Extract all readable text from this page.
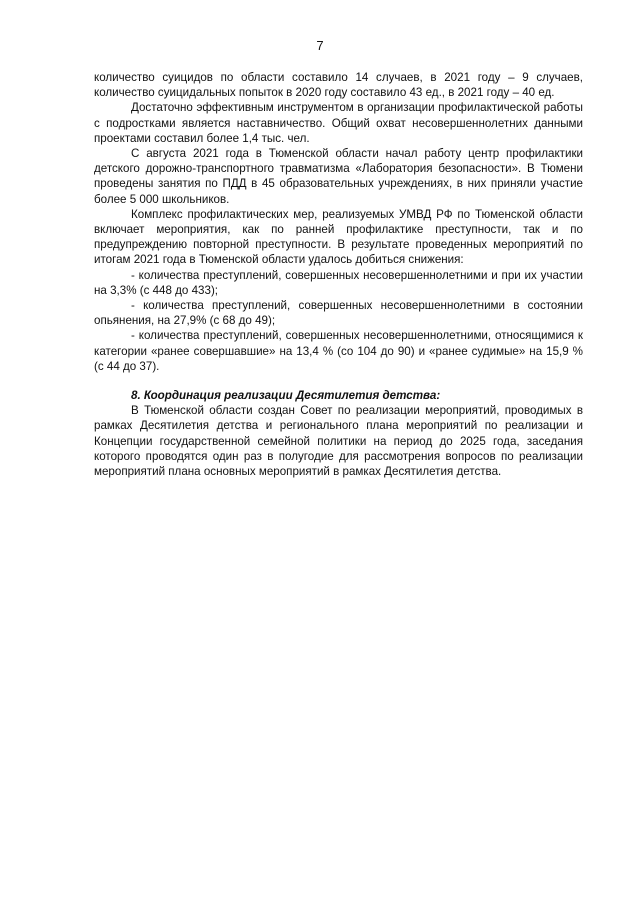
7

количество суицидов по области составило 14 случаев, в 2021 году – 9 случаев, количество суицидальных попыток в 2020 году составило 43 ед., в 2021 году – 40 ед.

Достаточно эффективным инструментом в организации профилактической работы с подростками является наставничество. Общий охват несовершеннолетних данными проектами составил более 1,4 тыс. чел.

С августа 2021 года в Тюменской области начал работу центр профилактики детского дорожно-транспортного травматизма «Лаборатория безопасности». В Тюмени проведены занятия по ПДД в 45 образовательных учреждениях, в них приняли участие более 5 000 школьников.

Комплекс профилактических мер, реализуемых УМВД РФ по Тюменской области включает мероприятия, как по ранней профилактике преступности, так и по предупреждению повторной преступности. В результате проведенных мероприятий по итогам 2021 года в Тюменской области удалось добиться снижения:

- количества преступлений, совершенных несовершеннолетними и при их участии на 3,3% (с 448 до 433);

- количества преступлений, совершенных несовершеннолетними в состоянии опьянения, на 27,9% (с 68 до 49);

- количества преступлений, совершенных несовершеннолетними, относящимися к категории «ранее совершавшие» на 13,4 % (со 104 до 90) и «ранее судимые» на 15,9 % (с 44 до 37).

8. Координация реализации Десятилетия детства:

В Тюменской области создан Совет по реализации мероприятий, проводимых в рамках Десятилетия детства и регионального плана мероприятий по реализации и Концепции государственной семейной политики на период до 2025 года, заседания которого проводятся один раз в полугодие для рассмотрения вопросов по реализации мероприятий плана основных мероприятий в рамках Десятилетия детства.
